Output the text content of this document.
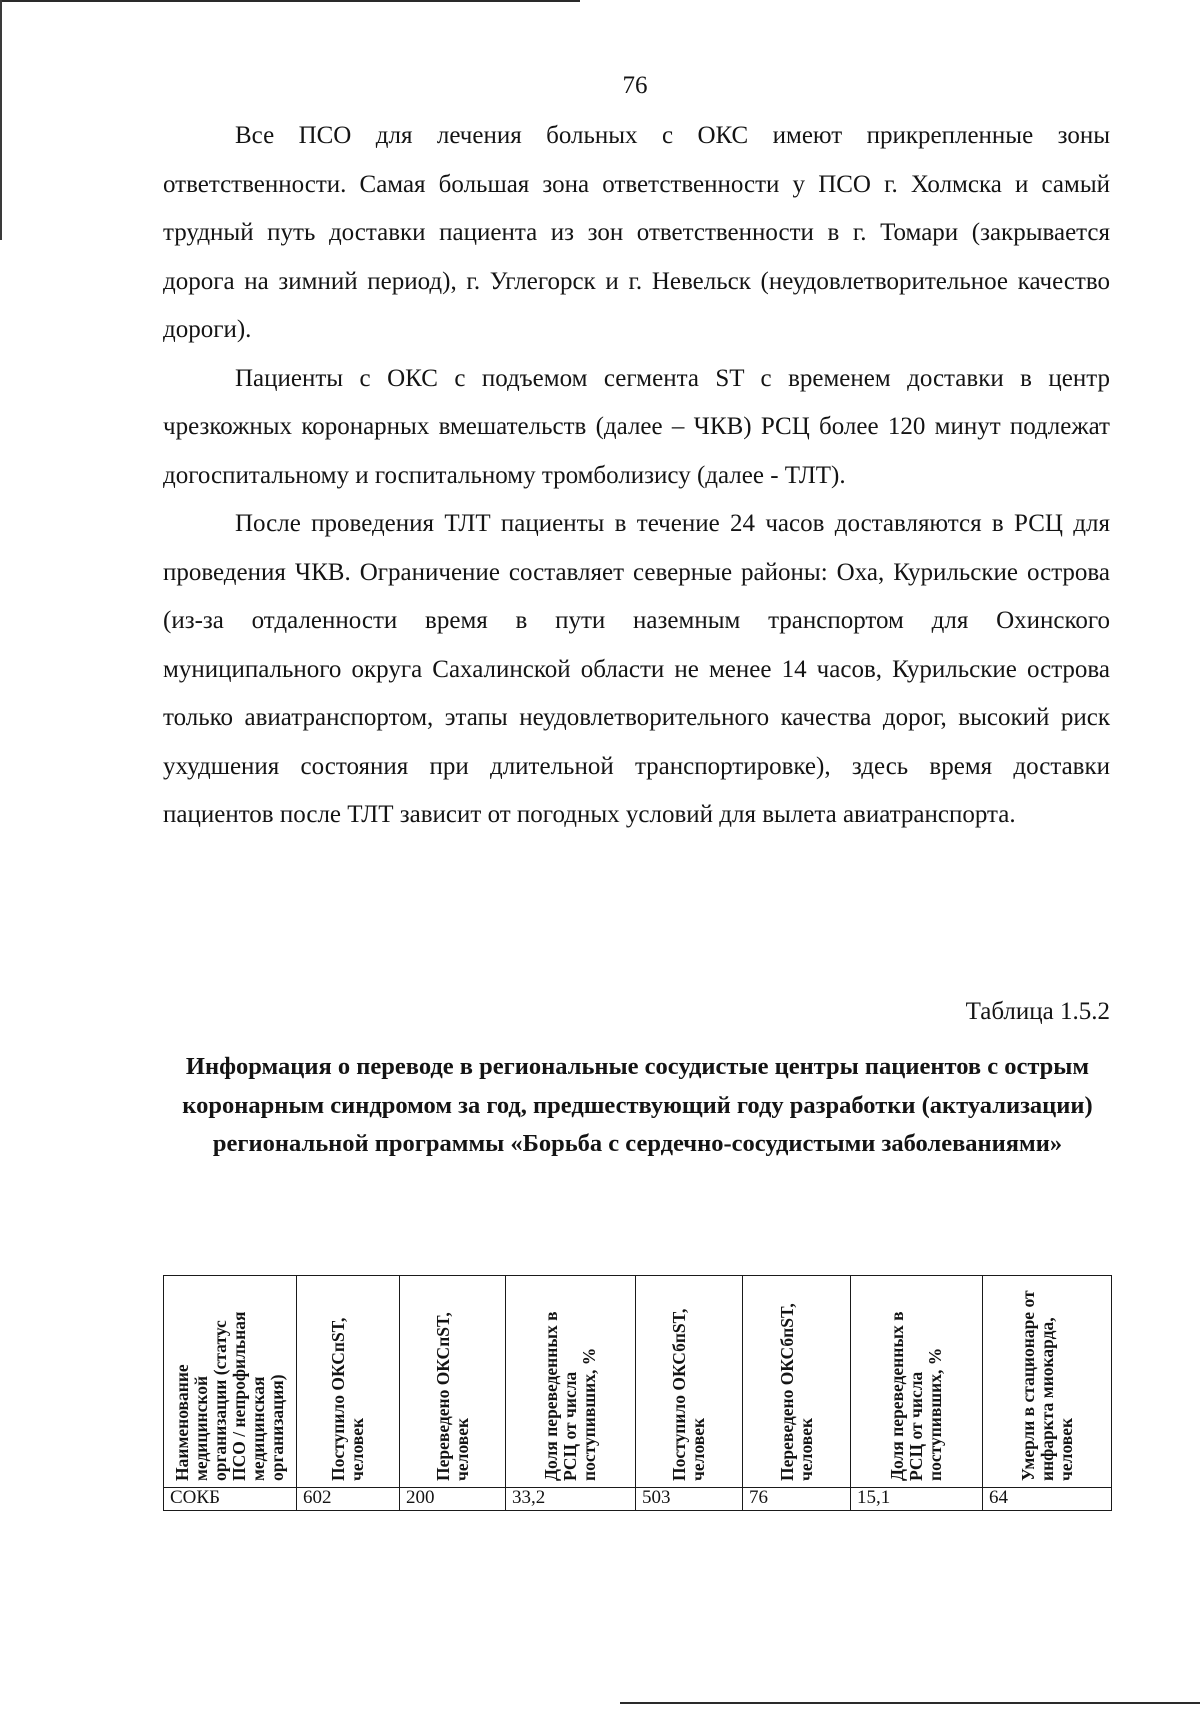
76

Все ПСО для лечения больных с ОКС имеют прикрепленные зоны ответственности. Самая большая зона ответственности у ПСО г. Холмска и самый трудный путь доставки пациента из зон ответственности в г. Томари (закрывается дорога на зимний период), г. Углегорск и г. Невельск (неудовлетворительное качество дороги).

Пациенты с ОКС с подъемом сегмента ST с временем доставки в центр чрезкожных коронарных вмешательств (далее – ЧКВ) РСЦ более 120 минут подлежат догоспитальному и госпитальному тромболизису (далее - ТЛТ).

После проведения ТЛТ пациенты в течение 24 часов доставляются в РСЦ для проведения ЧКВ. Ограничение составляет северные районы: Оха, Курильские острова (из-за отдаленности время в пути наземным транспортом для Охинского муниципального округа Сахалинской области не менее 14 часов, Курильские острова только авиатранспортом, этапы неудовлетворительного качества дорог, высокий риск ухудшения состояния при длительной транспортировке), здесь время доставки пациентов после ТЛТ зависит от погодных условий для вылета авиатранспорта.

Таблица 1.5.2
Информация о переводе в региональные сосудистые центры пациентов с острым коронарным синдромом за год, предшествующий году разработки (актуализации) региональной программы «Борьба с сердечно-сосудистыми заболеваниями»
Наименование медицинской организации (статус ПСО / непрофильная медицинская организация)	Поступило ОКСпST, человек	Переведено ОКСпST, человек	Доля переведенных в РСЦ от числа поступивших, %	Поступило ОКСбпST, человек	Переведено ОКСбпST, человек	Доля переведенных в РСЦ от числа поступивших, %	Умерли в стационаре от инфаркта миокарда, человек

СОКБ	602	200	33,2	503	76	15,1	64
